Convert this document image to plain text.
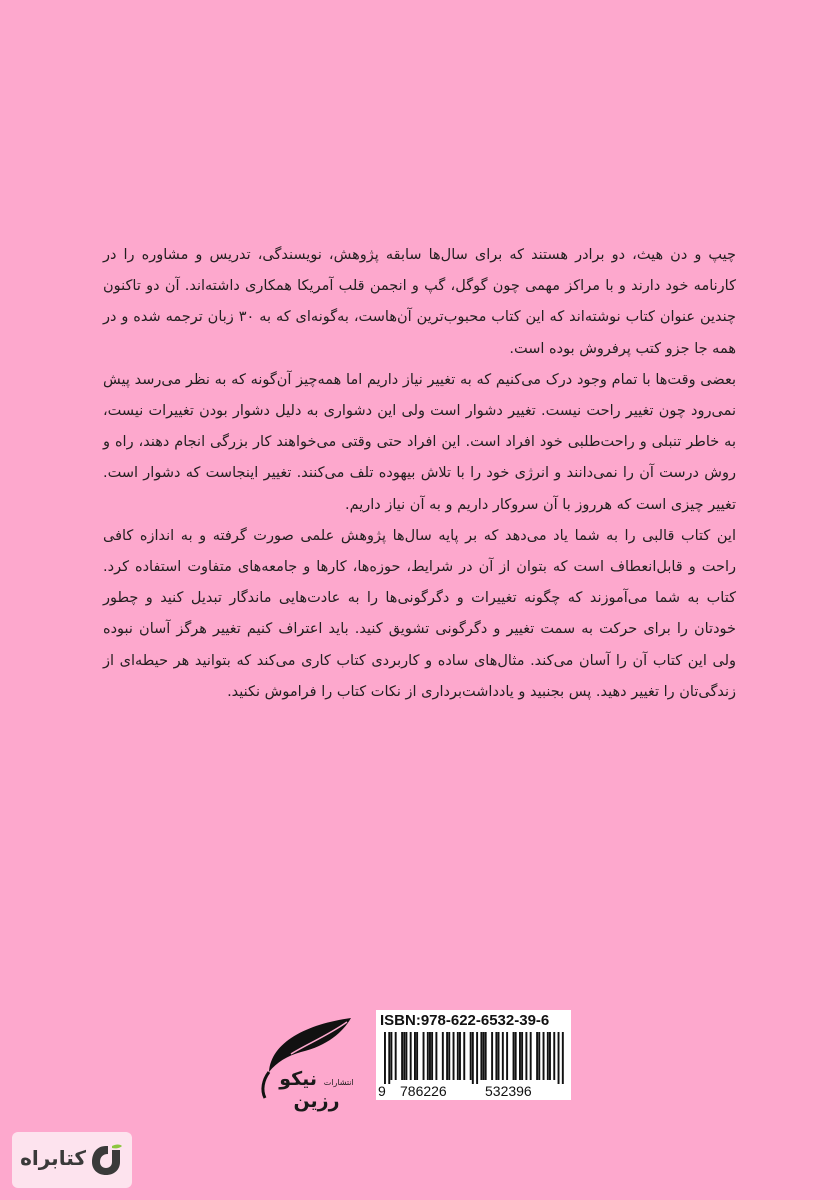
چیپ و دن هیث، دو برادر هستند که برای سال‌ها سابقه پژوهش، نویسندگی، تدریس و مشاوره را در کارنامه خود دارند و با مراکز مهمی چون گوگل، گپ و انجمن قلب آمریکا همکاری داشته‌اند. آن دو تاکنون چندین عنوان کتاب نوشته‌اند که این کتاب محبوب‌ترین آن‌هاست، به‌گونه‌ای که به ۳۰ زبان ترجمه شده و در همه جا جزو کتب پرفروش بوده است.

بعضی وقت‌ها با تمام وجود درک می‌کنیم که به تغییر نیاز داریم اما همه‌چیز آن‌گونه که به نظر می‌رسد پیش نمی‌رود چون تغییر راحت نیست. تغییر دشوار است ولی این دشواری به دلیل دشوار بودن تغییرات نیست، به خاطر تنبلی و راحت‌طلبی خود افراد است. این افراد حتی وقتی می‌خواهند کار بزرگی انجام دهند، راه و روش درست آن را نمی‌دانند و انرژی خود را با تلاش بیهوده تلف می‌کنند. تغییر اینجاست که دشوار است. تغییر چیزی است که هرروز با آن سروکار داریم و به آن نیاز داریم.

این کتاب قالبی را به شما یاد می‌دهد که بر پایه سال‌ها پژوهش علمی صورت گرفته و به اندازه کافی راحت و قابل‌انعطاف است که بتوان از آن در شرایط، حوزه‌ها، کارها و جامعه‌های متفاوت استفاده کرد. کتاب به شما می‌آموزند که چگونه تغییرات و دگرگونی‌ها را به عادت‌هایی ماندگار تبدیل کنید و چطور خودتان را برای حرکت به سمت تغییر و دگرگونی تشویق کنید. باید اعتراف کنیم تغییر هرگز آسان نبوده ولی این کتاب آن را آسان می‌کند. مثال‌های ساده و کاربردی کتاب کاری می‌کند که بتوانید هر حیطه‌ای از زندگی‌تان را تغییر دهید. پس بجنبید و یادداشت‌برداری از نکات کتاب را فراموش نکنید.

انتشارات نیکو رزین
ISBN:978-622-6532-39-6
9 786226	532396
کتابراه
